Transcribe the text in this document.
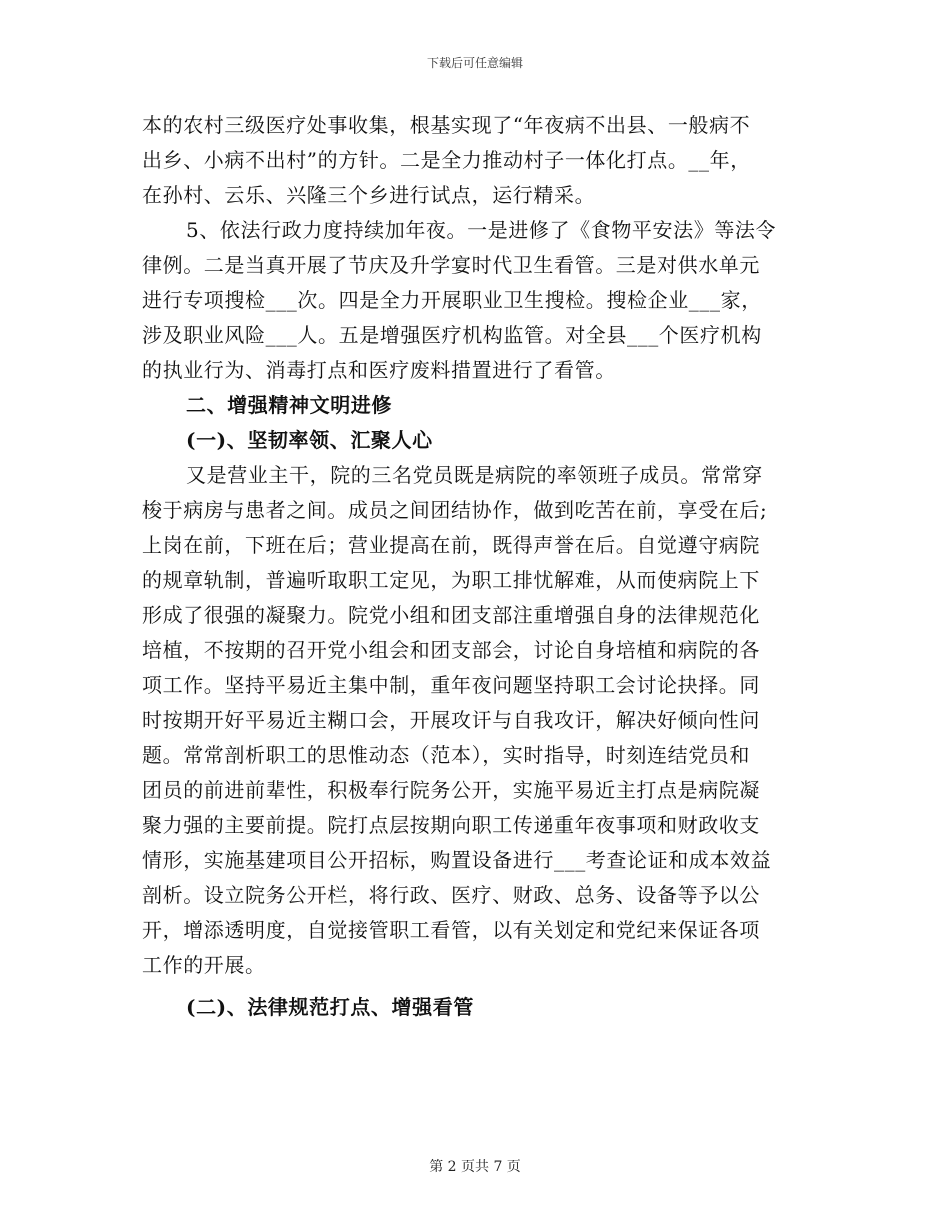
下载后可任意编辑
本的农村三级医疗处事收集，根基实现了“年夜病不出县、一般病不
出乡、小病不出村”的方针。二是全力推动村子一体化打点。__年，
在孙村、云乐、兴隆三个乡进行试点，运行精采。
5、依法行政力度持续加年夜。一是进修了《食物平安法》等法令
律例。二是当真开展了节庆及升学宴时代卫生看管。三是对供水单元
进行专项搜检___次。四是全力开展职业卫生搜检。搜检企业___家，
涉及职业风险___人。五是增强医疗机构监管。对全县___个医疗机构
的执业行为、消毒打点和医疗废料措置进行了看管。
二、增强精神文明进修
(一)、坚韧率领、汇聚人心
又是营业主干，院的三名党员既是病院的率领班子成员。常常穿
梭于病房与患者之间。成员之间团结协作，做到吃苦在前，享受在后;
上岗在前，下班在后；营业提高在前，既得声誉在后。自觉遵守病院
的规章轨制，普遍听取职工定见，为职工排忧解难，从而使病院上下
形成了很强的凝聚力。院党小组和团支部注重增强自身的法律规范化
培植，不按期的召开党小组会和团支部会，讨论自身培植和病院的各
项工作。坚持平易近主集中制，重年夜问题坚持职工会讨论抉择。同
时按期开好平易近主糊口会，开展攻讦与自我攻讦，解决好倾向性问
题。常常剖析职工的思惟动态（范本），实时指导，时刻连结党员和
团员的前进前辈性，积极奉行院务公开，实施平易近主打点是病院凝
聚力强的主要前提。院打点层按期向职工传递重年夜事项和财政收支
情形，实施基建项目公开招标，购置设备进行___考查论证和成本效益
剖析。设立院务公开栏，将行政、医疗、财政、总务、设备等予以公
开，增添透明度，自觉接管职工看管，以有关划定和党纪来保证各项
工作的开展。
(二)、法律规范打点、增强看管
第 2 页共 7 页
